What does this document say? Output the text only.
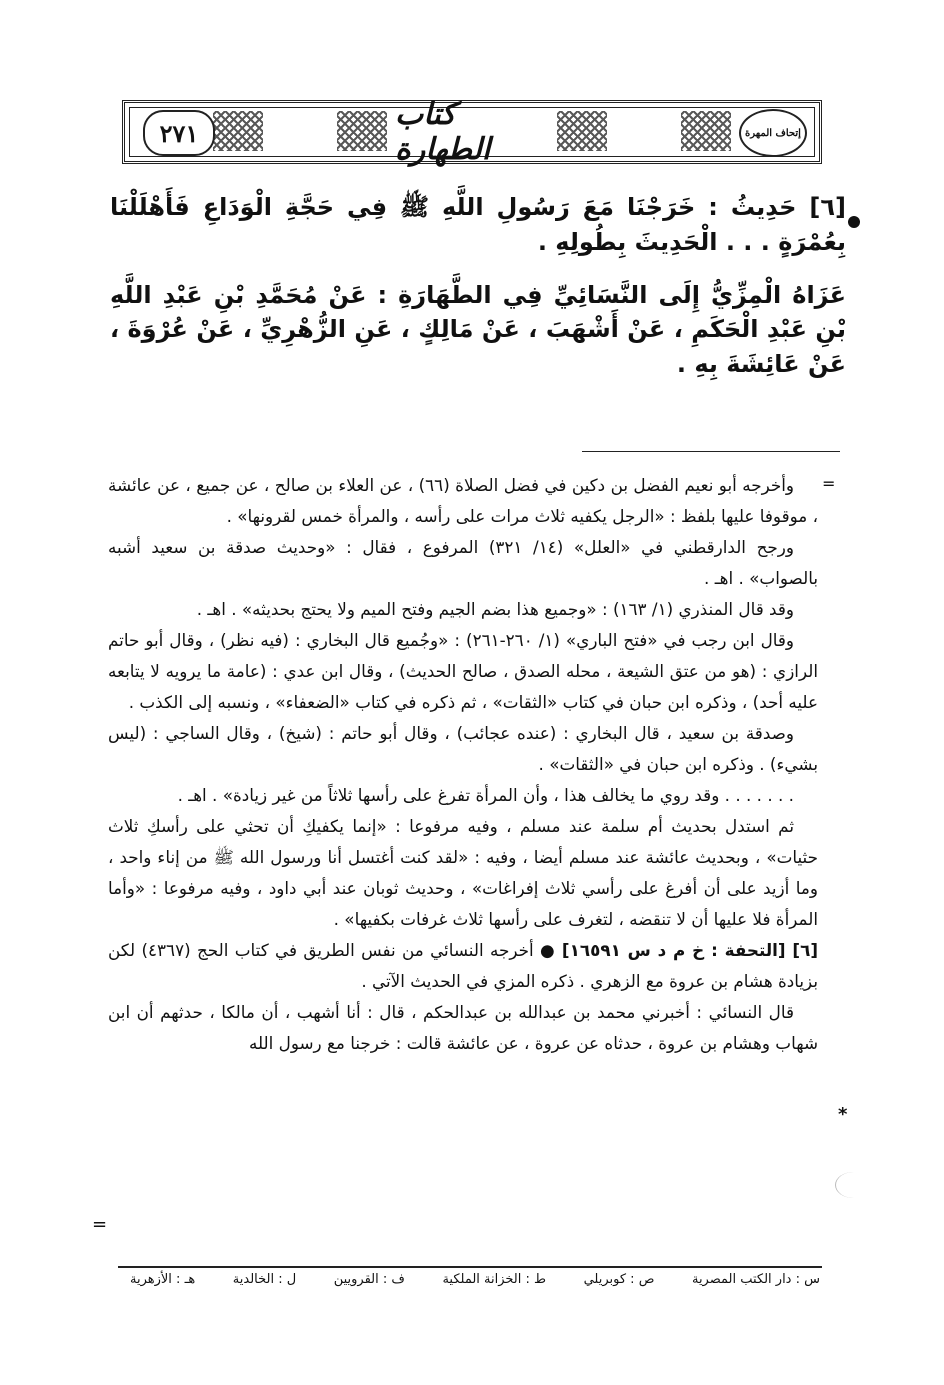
٢٧١
كتاب الطهارة	إتحاف المهرة

[٦] حَدِيثُ : خَرَجْنَا مَعَ رَسُولِ اللَّهِ ﷺ فِي حَجَّةِ الْوَدَاعِ فَأَهْلَلْنَا بِعُمْرَةٍ . . . الْحَدِيثَ بِطُولِهِ .

عَزَاهُ الْمِزِّيُّ إِلَى النَّسَائِيِّ فِي الطَّهَارَةِ : عَنْ مُحَمَّدِ بْنِ عَبْدِ اللَّهِ بْنِ عَبْدِ الْحَكَمِ ، عَنْ أَشْهَبَ ، عَنْ مَالِكٍ ، عَنِ الزُّهْرِيِّ ، عَنْ عُرْوَةَ ، عَنْ عَائِشَةَ بِهِ .

=

وأخرجه أبو نعيم الفضل بن دكين في فضل الصلاة (٦٦) ، عن العلاء بن صالح ، عن جميع ، عن عائشة ، موقوفا عليها بلفظ : «الرجل يكفيه ثلاث مرات على رأسه ، والمرأة خمس لقرونها» .

ورجح الدارقطني في «العلل» (١٤/ ٣٢١) المرفوع ، فقال : «وحديث صدقة بن سعيد أشبه بالصواب» . اهـ .

وقد قال المنذري (١/ ١٦٣) : «وجميع هذا بضم الجيم وفتح الميم ولا يحتج بحديثه» . اهـ .

وقال ابن رجب في «فتح الباري» (١/ ٢٦٠-٢٦١) : «وجُميع قال البخاري : (فيه نظر) ، وقال أبو حاتم الرازي : (هو من عتق الشيعة ، محله الصدق ، صالح الحديث) ، وقال ابن عدي : (عامة ما يرويه لا يتابعه عليه أحد) ، وذكره ابن حبان في كتاب «الثقات» ، ثم ذكره في كتاب «الضعفاء» ، ونسبه إلى الكذب .

وصدقة بن سعيد ، قال البخاري : (عنده عجائب) ، وقال أبو حاتم : (شيخ) ، وقال الساجي : (ليس بشيء) . وذكره ابن حبان في «الثقات» .

. . . . . . . وقد روي ما يخالف هذا ، وأن المرأة تفرغ على رأسها ثلاثاً من غير زيادة» . اهـ .

ثم استدل بحديث أم سلمة عند مسلم ، وفيه مرفوعا : «إنما يكفيكِ أن تحثي على رأسكِ ثلاث حثيات» ، وبحديث عائشة عند مسلم أيضا ، وفيه : «لقد كنت أغتسل أنا ورسول الله ﷺ من إناء واحد ، وما أزيد على أن أفرغ على رأسي ثلاث إفراغات» ، وحديث ثوبان عند أبي داود ، وفيه مرفوعا : «وأما المرأة فلا عليها أن لا تنقضه ، لتغرف على رأسها ثلاث غرفات بكفيها» .

[٦] [التحفة : خ م د س ١٦٥٩١] ● أخرجه النسائي من نفس الطريق في كتاب الحج (٤٣٦٧) لكن بزيادة هشام بن عروة مع الزهري . ذكره المزي في الحديث الآتي .

قال النسائي : أخبرني محمد بن عبدالله بن عبدالحكم ، قال : أنا أشهب ، أن مالكا ، حدثهم أن ابن شهاب وهشام بن عروة ، حدثاه عن عروة ، عن عائشة قالت : خرجنا مع رسول الله

*
=
س : دار الكتب المصرية
ص : كوبريلي
ط : الخزانة الملكية
ف : القرويين
ل : الخالدية
هـ : الأزهرية
